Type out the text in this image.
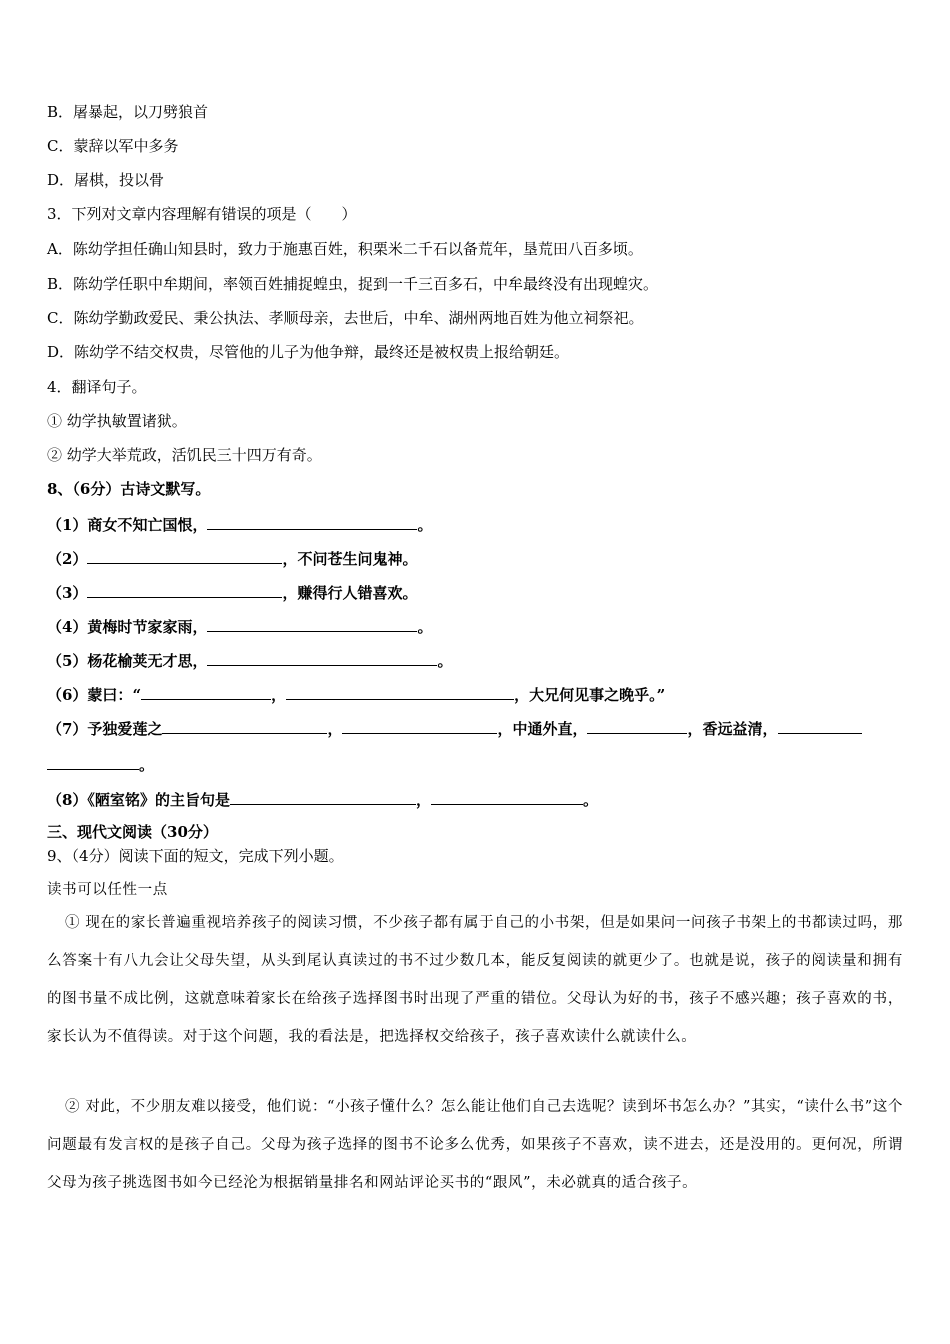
B．屠暴起，以刀劈狼首
C．蒙辞以军中多务
D．屠棋，投以骨
3．下列对文章内容理解有错误的项是（　　）
A．陈幼学担任确山知县时，致力于施惠百姓，积栗米二千石以备荒年，垦荒田八百多顷。
B．陈幼学任职中牟期间，率领百姓捕捉蝗虫，捉到一千三百多石，中牟最终没有出现蝗灾。
C．陈幼学勤政爱民、秉公执法、孝顺母亲，去世后，中牟、湖州两地百姓为他立祠祭祀。
D．陈幼学不结交权贵，尽管他的儿子为他争辩，最终还是被权贵上报给朝廷。
4．翻译句子。
① 幼学执敏置诸狱。
② 幼学大举荒政，活饥民三十四万有奇。
8、（6分）古诗文默写。
（1）商女不知亡国恨，	。
（2）	，不问苍生问鬼神。
（3）	，赚得行人错喜欢。
（4）黄梅时节家家雨，	。
（5）杨花榆荚无才思，	。
（6）蒙曰：“	，	，大兄何见事之晚乎。”
（7）予独爱莲之	，	，中通外直，	，香远益清，
。
（8）《陋室铭》的主旨句是	，	。
三、现代文阅读（30分）
9、（4分）阅读下面的短文，完成下列小题。
读书可以任性一点
① 现在的家长普遍重视培养孩子的阅读习惯，不少孩子都有属于自己的小书架，但是如果问一问孩子书架上的书都读过吗，那么答案十有八九会让父母失望，从头到尾认真读过的书不过少数几本，能反复阅读的就更少了。也就是说，孩子的阅读量和拥有的图书量不成比例，这就意味着家长在给孩子选择图书时出现了严重的错位。父母认为好的书，孩子不感兴趣；孩子喜欢的书，家长认为不值得读。对于这个问题，我的看法是，把选择权交给孩子，孩子喜欢读什么就读什么。
② 对此，不少朋友难以接受，他们说：“小孩子懂什么？怎么能让他们自己去选呢？读到坏书怎么办？”其实，“读什么书”这个问题最有发言权的是孩子自己。父母为孩子选择的图书不论多么优秀，如果孩子不喜欢，读不进去，还是没用的。更何况，所谓父母为孩子挑选图书如今已经沦为根据销量排名和网站评论买书的“跟风”，未必就真的适合孩子。
